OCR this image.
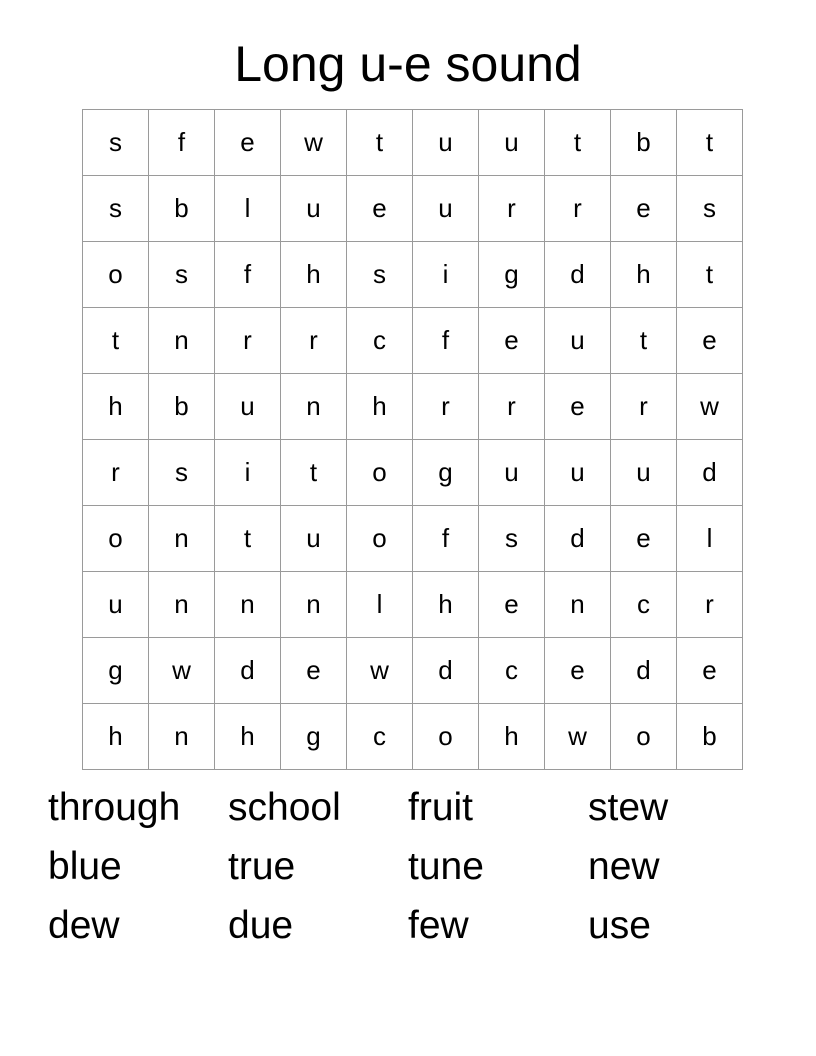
Long u-e sound
s	f	e	w	t	u	u	t	b	t
s	b	l	u	e	u	r	r	e	s
o	s	f	h	s	i	g	d	h	t
t	n	r	r	c	f	e	u	t	e
h	b	u	n	h	r	r	e	r	w
r	s	i	t	o	g	u	u	u	d
o	n	t	u	o	f	s	d	e	l
u	n	n	n	l	h	e	n	c	r
g	w	d	e	w	d	c	e	d	e
h	n	h	g	c	o	h	w	o	b
through	school	fruit	stew
blue	true	tune	new
dew	due	few	use
